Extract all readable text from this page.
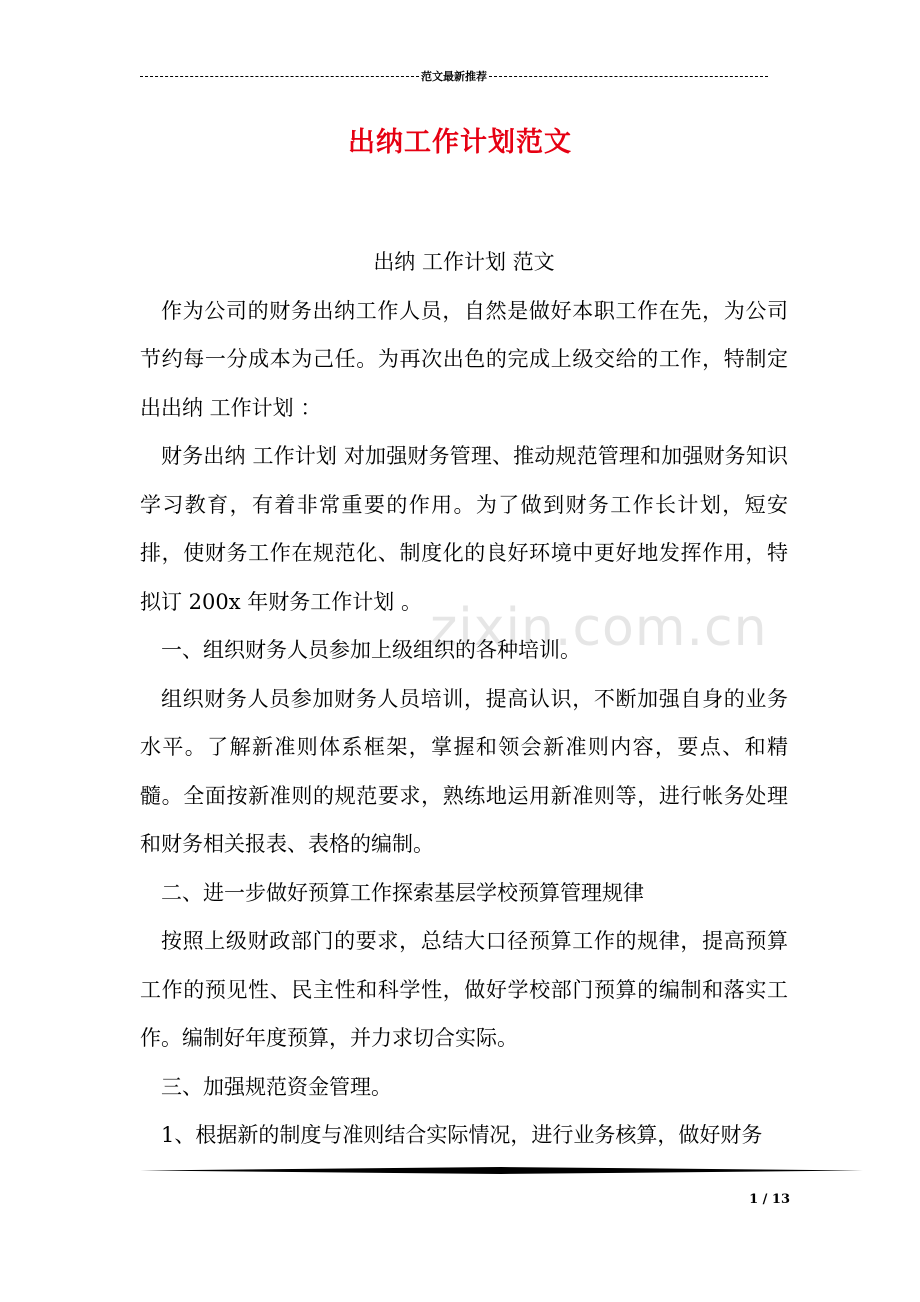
范文最新推荐
出纳工作计划范文
zixin.com.cn

出纳 工作计划 范文

作为公司的财务出纳工作人员，自然是做好本职工作在先，为公司节约每一分成本为己任。为再次出色的完成上级交给的工作，特制定出出纳 工作计划 ：

财务出纳 工作计划 对加强财务管理、推动规范管理和加强财务知识学习教育，有着非常重要的作用。为了做到财务工作长计划，短安排，使财务工作在规范化、制度化的良好环境中更好地发挥作用，特拟订 200x 年财务工作计划 。

一、组织财务人员参加上级组织的各种培训。

组织财务人员参加财务人员培训，提高认识，不断加强自身的业务水平。了解新准则体系框架，掌握和领会新准则内容，要点、和精髓。全面按新准则的规范要求，熟练地运用新准则等，进行帐务处理和财务相关报表、表格的编制。

二、进一步做好预算工作探索基层学校预算管理规律

按照上级财政部门的要求，总结大口径预算工作的规律，提高预算工作的预见性、民主性和科学性，做好学校部门预算的编制和落实工作。编制好年度预算，并力求切合实际。

三、加强规范资金管理。

1、根据新的制度与准则结合实际情况，进行业务核算，做好财务

1 / 13
